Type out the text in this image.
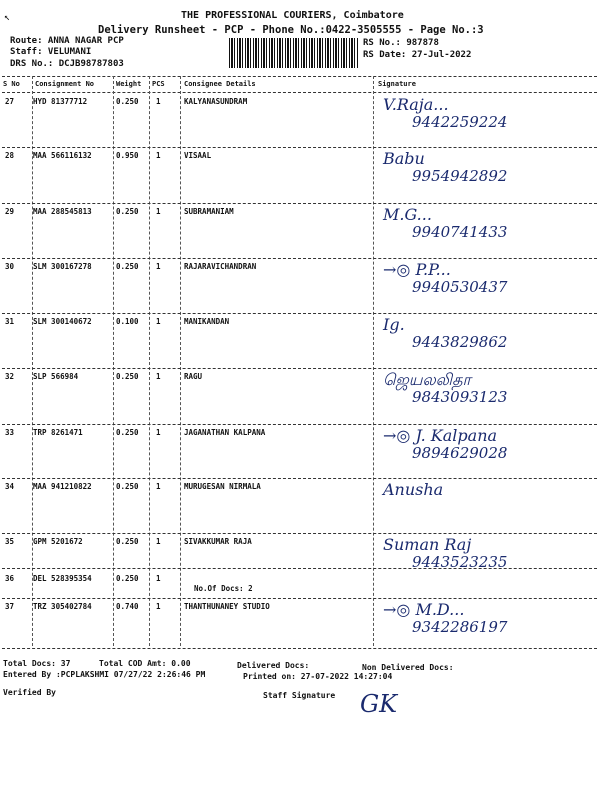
↖	THE PROFESSIONAL COURIERS, Coimbatore
Delivery Runsheet - PCP - Phone No.:0422-3505555 - Page No.:3
Route: ANNA NAGAR PCP
Staff: VELUMANI
DRS No.: DCJB98787803
RS No.: 987878
RS Date: 27-Jul-2022
S No Consignment No	Weight PCS	Consignee Details	Signature
27	HYD 81377712	0.250 1	KALYANASUNDRAM	V.Raja...
9442259224
28	MAA 566116132	0.950 1	VISAAL	Babu
9954942892
29	MAA 288545813	0.250 1	SUBRAMANIAM	M.G...
9940741433
30	SLM 300167278	0.250 1	RAJARAVICHANDRAN	→◎ P.P...
9940530437
31	SLM 300140672	0.100 1	MANIKANDAN	Ig.
9443829862
32	SLP 566984	0.250 1	RAGU	ஜெயலலிதா
9843093123
33	TRP 8261471	0.250 1	JAGANATHAN KALPANA	→◎ J. Kalpana
9894629028
34	MAA 941210822	0.250 1	MURUGESAN NIRMALA	Anusha
35	GPM 5201672	0.250 1	SIVAKKUMAR RAJA	Suman Raj
9443523235
36	DEL 528395354	0.250 1
No.Of Docs: 2
37	TRZ 305402784	0.740 1	THANTHUNANEY STUDIO	→◎ M.D...
9342286197
Total Docs: 37	Total COD Amt: 0.00	Delivered Docs:	Non Delivered Docs:
Entered By :PCPLAKSHMI 07/27/22 2:26:46 PM	Printed on: 27-07-2022 14:27:04
Verified By	Staff Signature GK
